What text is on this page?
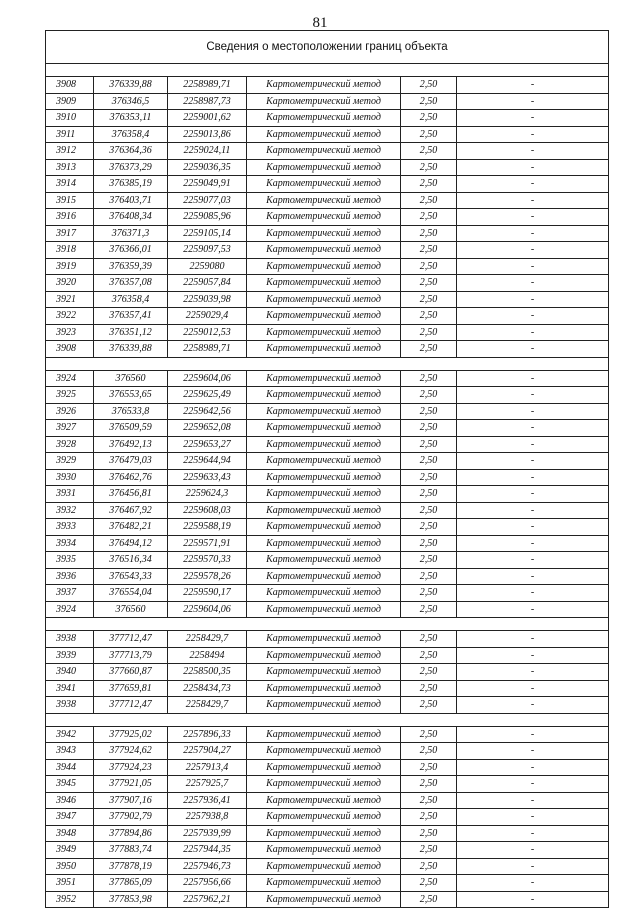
81
Сведения о местоположении границ объекта
3908	376339,88	2258989,71	Картометрический метод	2,50	-
3909	376346,5	2258987,73	Картометрический метод	2,50	-
3910	376353,11	2259001,62	Картометрический метод	2,50	-
3911	376358,4	2259013,86	Картометрический метод	2,50	-
3912	376364,36	2259024,11	Картометрический метод	2,50	-
3913	376373,29	2259036,35	Картометрический метод	2,50	-
3914	376385,19	2259049,91	Картометрический метод	2,50	-
3915	376403,71	2259077,03	Картометрический метод	2,50	-
3916	376408,34	2259085,96	Картометрический метод	2,50	-
3917	376371,3	2259105,14	Картометрический метод	2,50	-
3918	376366,01	2259097,53	Картометрический метод	2,50	-
3919	376359,39	2259080	Картометрический метод	2,50	-
3920	376357,08	2259057,84	Картометрический метод	2,50	-
3921	376358,4	2259039,98	Картометрический метод	2,50	-
3922	376357,41	2259029,4	Картометрический метод	2,50	-
3923	376351,12	2259012,53	Картометрический метод	2,50	-
3908	376339,88	2258989,71	Картометрический метод	2,50	-
3924	376560	2259604,06	Картометрический метод	2,50	-
3925	376553,65	2259625,49	Картометрический метод	2,50	-
3926	376533,8	2259642,56	Картометрический метод	2,50	-
3927	376509,59	2259652,08	Картометрический метод	2,50	-
3928	376492,13	2259653,27	Картометрический метод	2,50	-
3929	376479,03	2259644,94	Картометрический метод	2,50	-
3930	376462,76	2259633,43	Картометрический метод	2,50	-
3931	376456,81	2259624,3	Картометрический метод	2,50	-
3932	376467,92	2259608,03	Картометрический метод	2,50	-
3933	376482,21	2259588,19	Картометрический метод	2,50	-
3934	376494,12	2259571,91	Картометрический метод	2,50	-
3935	376516,34	2259570,33	Картометрический метод	2,50	-
3936	376543,33	2259578,26	Картометрический метод	2,50	-
3937	376554,04	2259590,17	Картометрический метод	2,50	-
3924	376560	2259604,06	Картометрический метод	2,50	-
3938	377712,47	2258429,7	Картометрический метод	2,50	-
3939	377713,79	2258494	Картометрический метод	2,50	-
3940	377660,87	2258500,35	Картометрический метод	2,50	-
3941	377659,81	2258434,73	Картометрический метод	2,50	-
3938	377712,47	2258429,7	Картометрический метод	2,50	-
3942	377925,02	2257896,33	Картометрический метод	2,50	-
3943	377924,62	2257904,27	Картометрический метод	2,50	-
3944	377924,23	2257913,4	Картометрический метод	2,50	-
3945	377921,05	2257925,7	Картометрический метод	2,50	-
3946	377907,16	2257936,41	Картометрический метод	2,50	-
3947	377902,79	2257938,8	Картометрический метод	2,50	-
3948	377894,86	2257939,99	Картометрический метод	2,50	-
3949	377883,74	2257944,35	Картометрический метод	2,50	-
3950	377878,19	2257946,73	Картометрический метод	2,50	-
3951	377865,09	2257956,66	Картометрический метод	2,50	-
3952	377853,98	2257962,21	Картометрический метод	2,50	-
